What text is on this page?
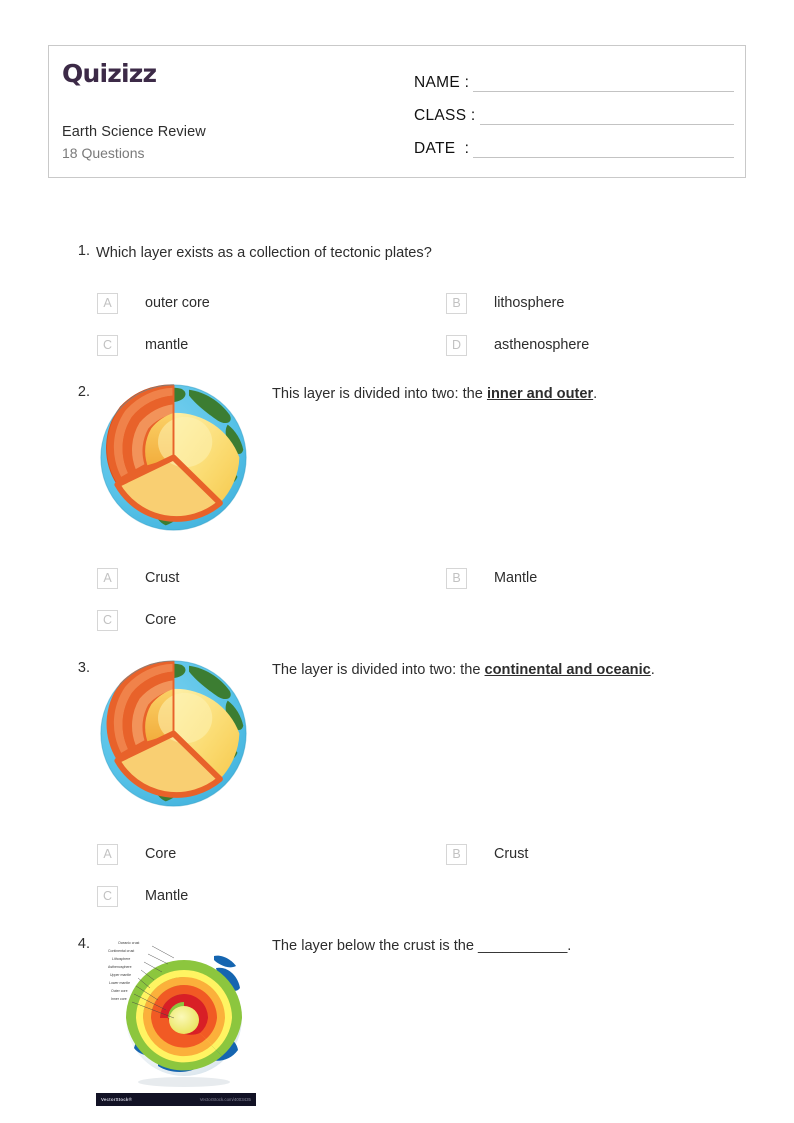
Quizizz
Earth Science Review
18 Questions
NAME :
CLASS :
DATE  :
1. Which layer exists as a collection of tectonic plates?
A	outer core	B	lithosphere
C	mantle	D	asthenosphere
2.	This layer is divided into two: the inner and outer.
A	Crust	B	Mantle
C	Core
3.	The layer is divided into two: the continental and oceanic.
A	Core	B	Crust
C	Mantle
4.	Oceanic crust
Continental crust
Lithosphere
Asthenosphere
Upper mantle
Lower mantle
Outer core
Inner core
VectorStock®	VectorStock.com/4003435
The layer below the crust is the ___________.
